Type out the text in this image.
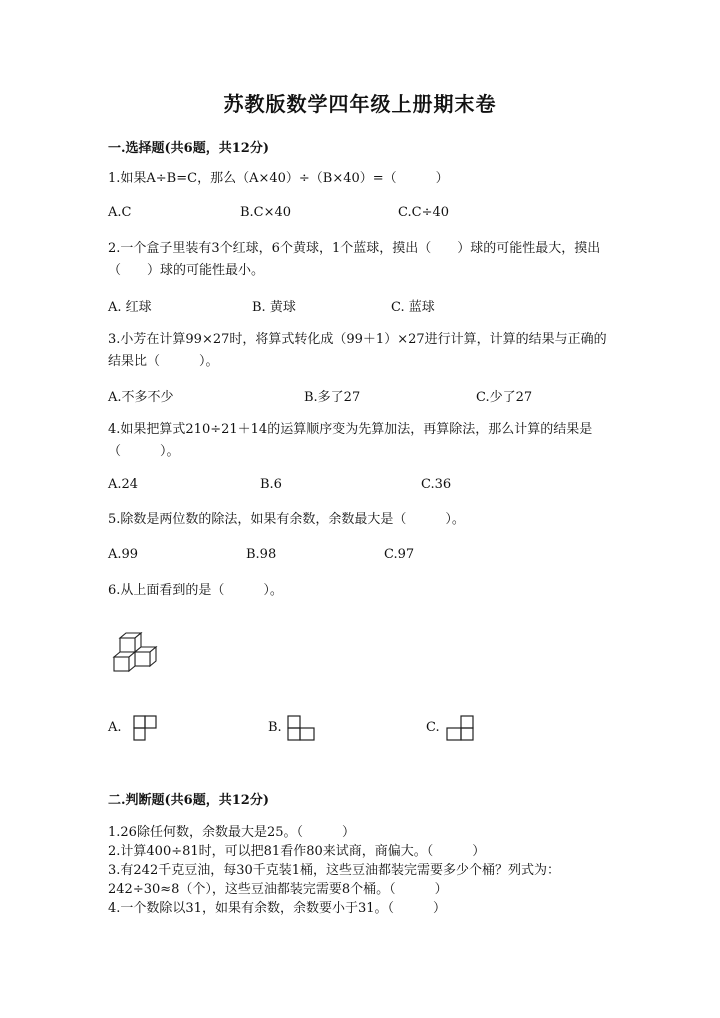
苏教版数学四年级上册期末卷
一.选择题(共6题，共12分)
1.如果A÷B=C，那么（A×40）÷（B×40）=（　　　）
A.C	B.C×40	C.C÷40
2.一个盒子里装有3个红球，6个黄球，1个蓝球，摸出（　　）球的可能性最大，摸出（　　）球的可能性最小。
A. 红球	B. 黄球	C. 蓝球
3.小芳在计算99×27时，将算式转化成（99＋1）×27进行计算，计算的结果与正确的结果比（　　　）。
A.不多不少	B.多了27	C.少了27
4.如果把算式210÷21＋14的运算顺序变为先算加法，再算除法，那么计算的结果是（　　　）。
A.24	B.6	C.36
5.除数是两位数的除法，如果有余数，余数最大是（　　　）。
A.99	B.98	C.97
6.从上面看到的是（　　　）。
A.	B.	C.
二.判断题(共6题，共12分)
1.26除任何数，余数最大是25。（　　　）
2.计算400÷81时，可以把81看作80来试商，商偏大。（　　　）
3.有242千克豆油，每30千克装1桶，这些豆油都装完需要多少个桶？列式为：242÷30≈8（个），这些豆油都装完需要8个桶。（　　　）
4.一个数除以31，如果有余数，余数要小于31。（　　　）
